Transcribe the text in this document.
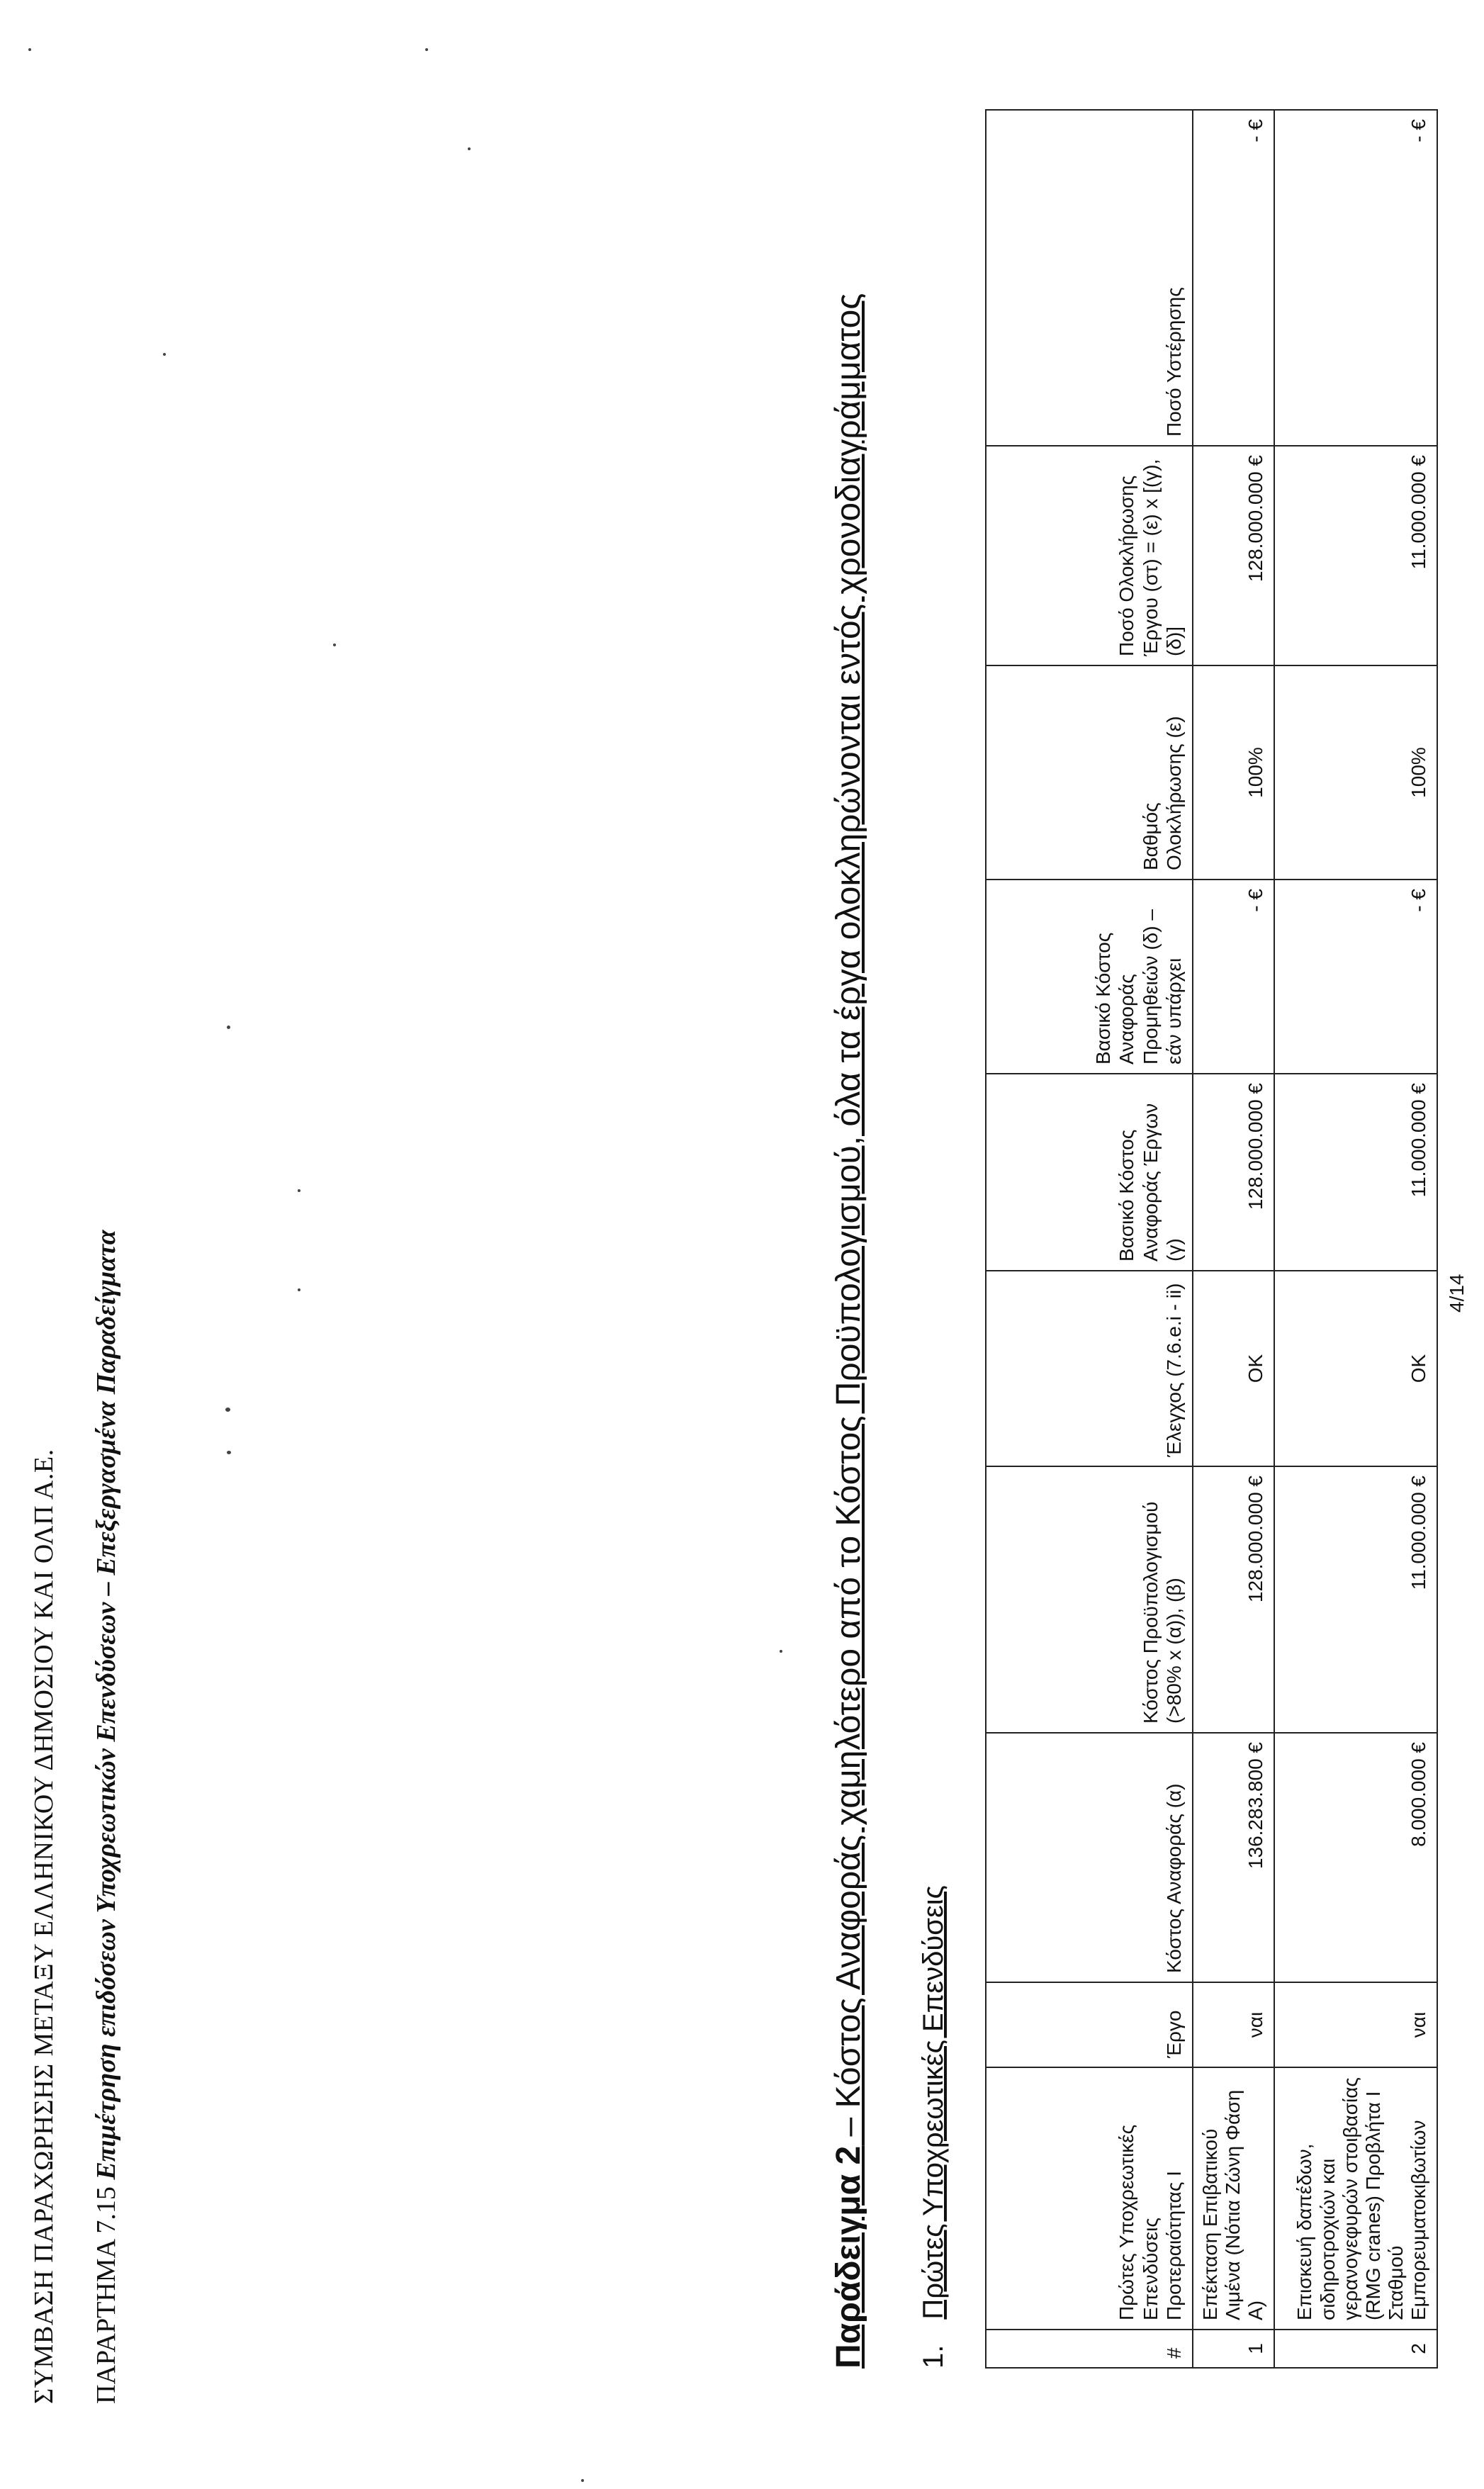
ΣΥΜΒΑΣΗ ΠΑΡΑΧΩΡΗΣΗΣ ΜΕΤΑΞΥ ΕΛΛΗΝΙΚΟΥ ΔΗΜΟΣΙΟΥ ΚΑΙ ΟΛΠ Α.Ε. ΠΑΡΑΡΤΗΜΑ 7.15 Επιμέτρηση επιδόσεων Υποχρεωτικών Επενδύσεων – Επεξεργασμένα Παραδείγματα
Παράδειγμα 2 – Κόστος Αναφοράς χαμηλότερο από το Κόστος Προϋπολογισμού, όλα τα έργα ολοκληρώνονται εντός χρονοδιαγράμματος
1.Πρώτες Υποχρεωτικές Επενδύσεις
#	Πρώτες Υποχρεωτικές Επενδύσεις Προτεραιότητας Ι	Έργο	Κόστος Αναφοράς (α)	Κόστος Προϋπολογισμού (>80% x (α)), (β)	Έλεγχος (7.6.e.i - ii)	Βασικό Κόστος Αναφοράς Έργων (γ)	Βασικό Κόστος Αναφοράς Προμηθειών (δ) – εάν υπάρχει	Βαθμός Ολοκλήρωσης (ε)	Ποσό Ολοκλήρωσης Έργου (στ) = (ε) x [(γ),(δ)]	Ποσό Υστέρησης
1	Επέκταση Επιβατικού Λιμένα (Νότια Ζώνη Φάση Α)	ναι	136.283.800 €	128.000.000 €	OK	128.000.000 €	- €	100%	128.000.000 €	- €
2	Επισκευή δαπέδων, σιδηροτροχιών και γερανογεφυρών στοιβασίας (RMG cranes) Προβλήτα Ι Σταθμού Εμπορευματοκιβωτίων	ναι	8.000.000 €	11.000.000 €	OK	11.000.000 €	- €	100%	11.000.000 €	- €
4/14
